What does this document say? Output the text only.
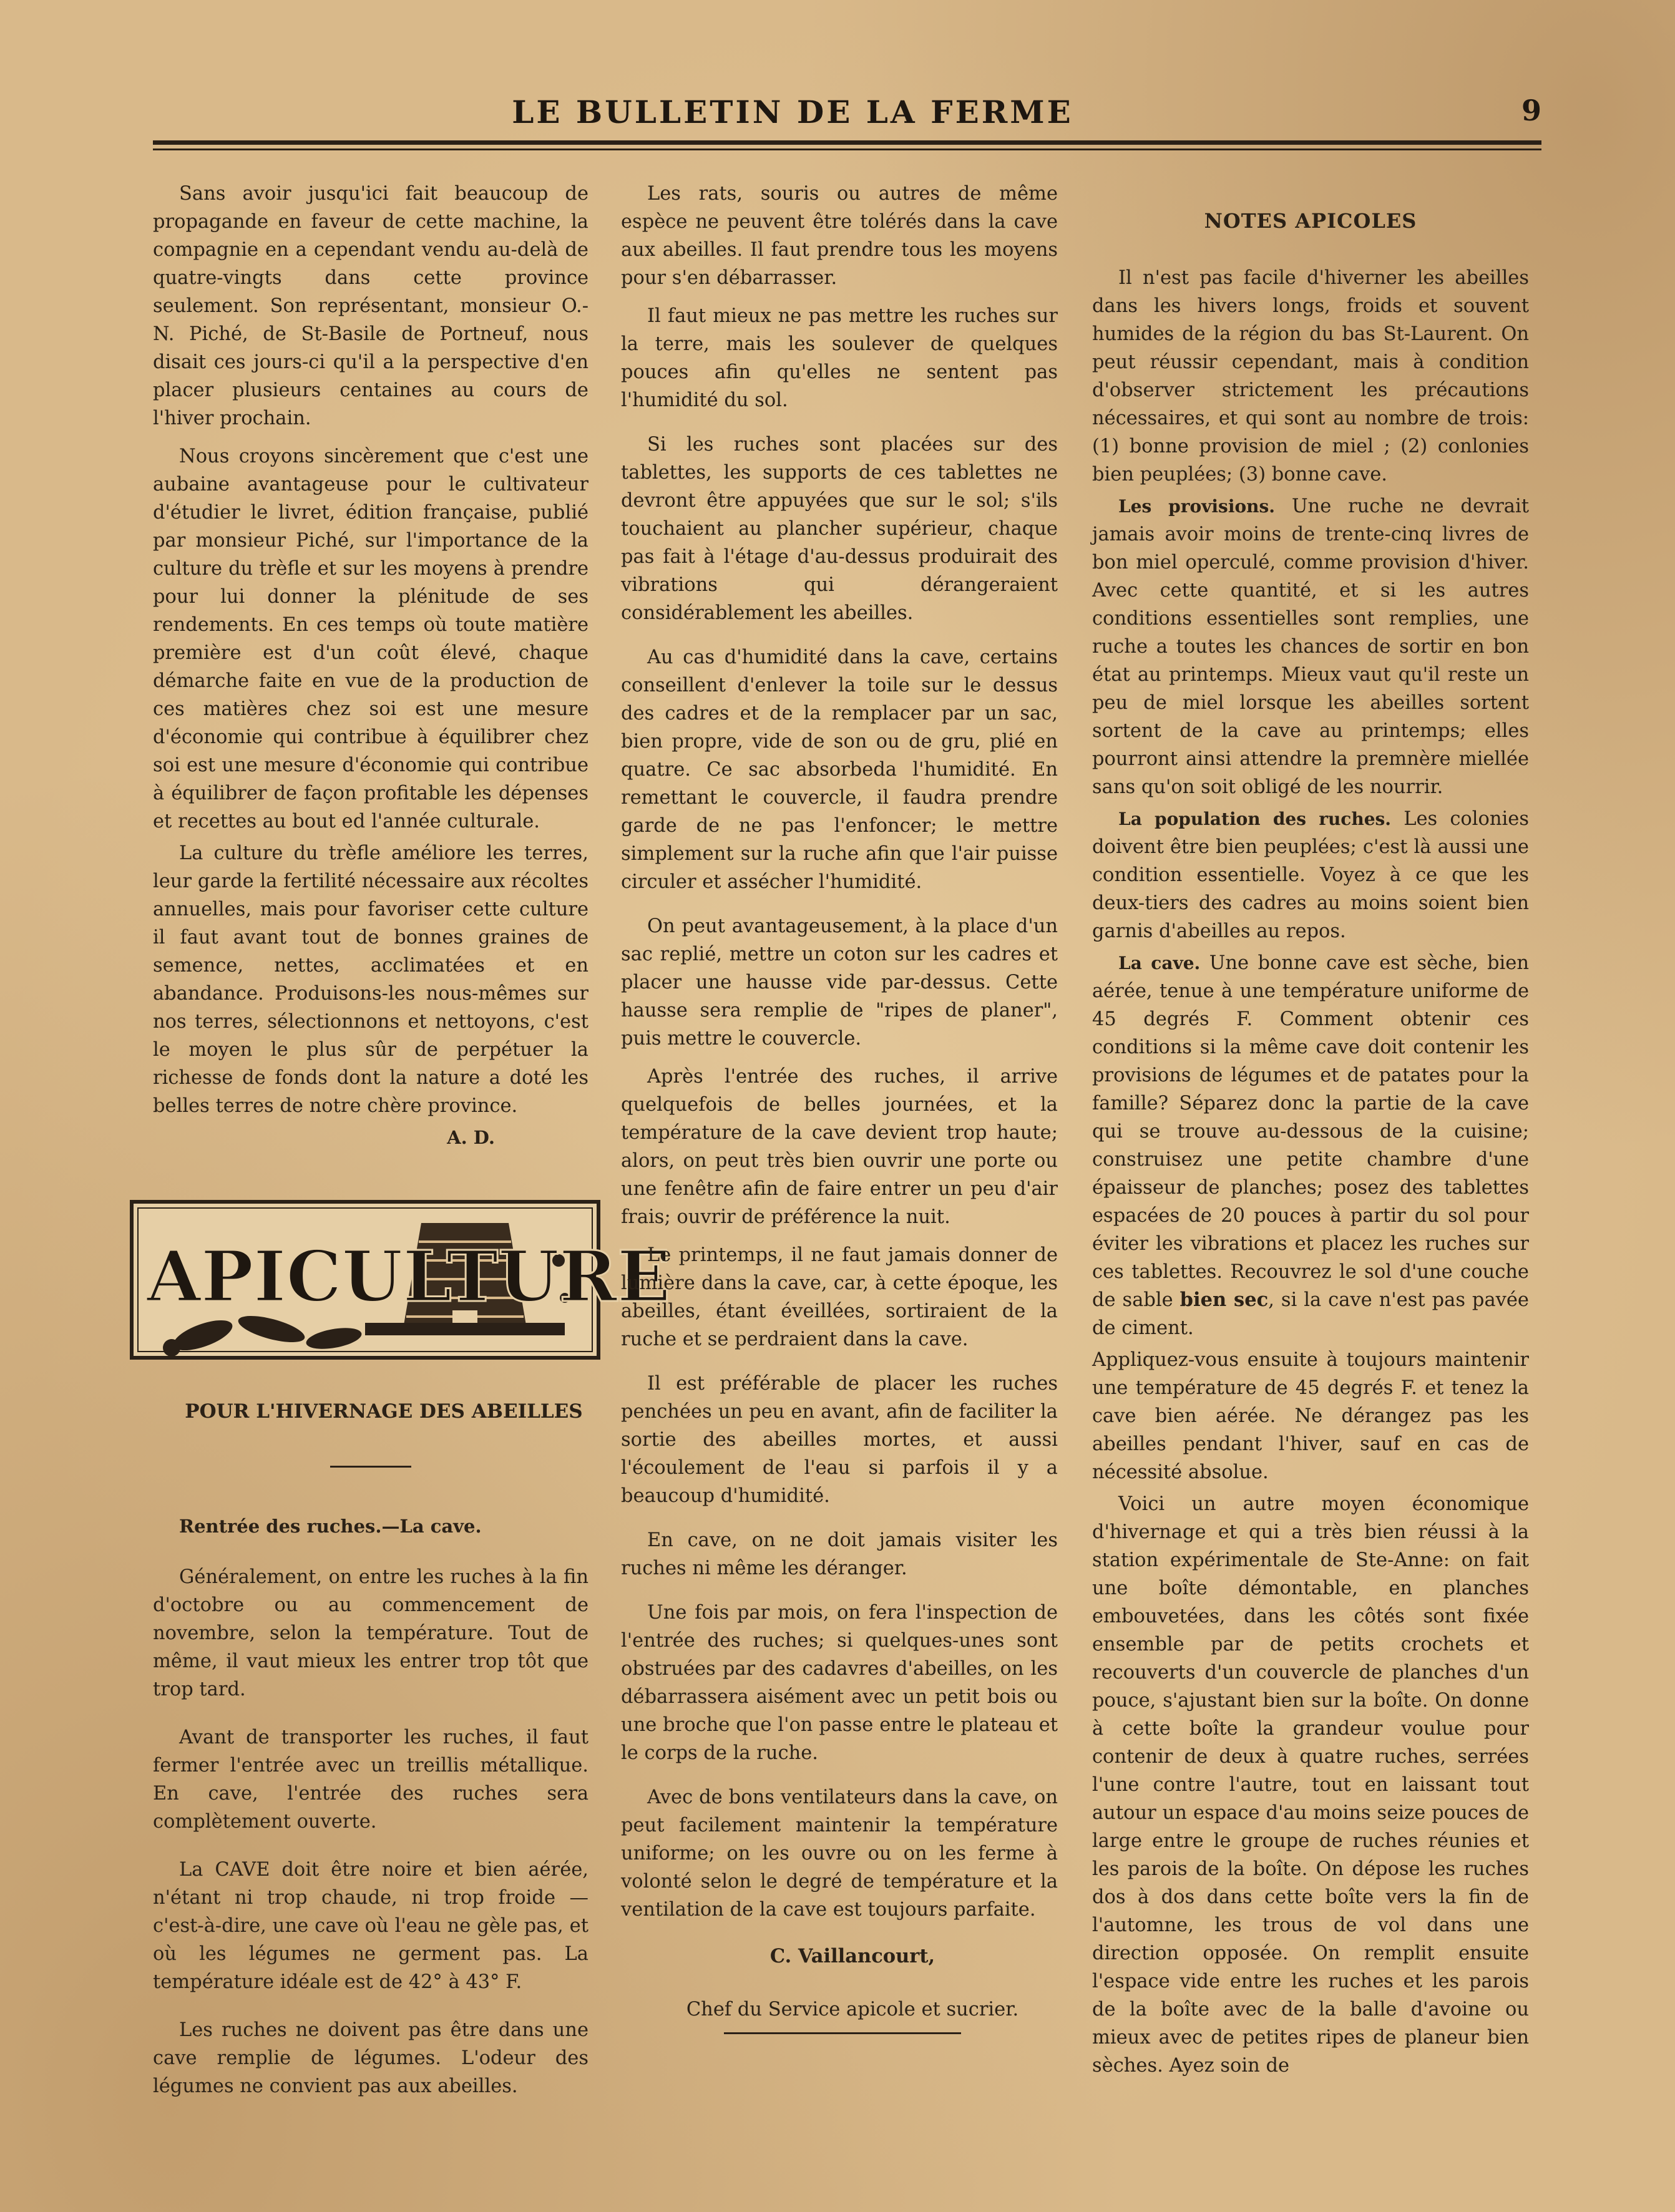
LE BULLETIN DE LA FERME	9

Sans avoir jusqu'ici fait beaucoup de propagande en faveur de cette machine, la compagnie en a cependant vendu au-delà de quatre-vingts dans cette province seulement. Son représentant, monsieur O.-N. Piché, de St-Basile de Portneuf, nous disait ces jours-ci qu'il a la perspective d'en placer plusieurs centaines au cours de l'hiver prochain.

Nous croyons sincèrement que c'est une aubaine avantageuse pour le cultivateur d'étudier le livret, édition française, publié par monsieur Piché, sur l'importance de la culture du trèfle et sur les moyens à prendre pour lui donner la plénitude de ses rendements. En ces temps où toute matière première est d'un coût élevé, chaque démarche faite en vue de la production de ces matières chez soi est une mesure d'économie qui contribue à équilibrer chez soi est une mesure d'économie qui contribue à équilibrer de façon profitable les dépenses et recettes au bout ed l'année culturale.

La culture du trèfle améliore les terres, leur garde la fertilité nécessaire aux récoltes annuelles, mais pour favoriser cette culture il faut avant tout de bonnes graines de semence, nettes, acclimatées et en abandance. Produisons-les nous-mêmes sur nos terres, sélectionnons et nettoyons, c'est le moyen le plus sûr de perpétuer la richesse de fonds dont la nature a doté les belles terres de notre chère province.

A. D.
APICULTURE

POUR L'HIVERNAGE DES ABEILLES

Rentrée des ruches.—La cave.

Généralement, on entre les ruches à la fin d'octobre ou au commencement de novembre, selon la température. Tout de même, il vaut mieux les entrer trop tôt que trop tard.

Avant de transporter les ruches, il faut fermer l'entrée avec un treillis métallique. En cave, l'entrée des ruches sera complètement ouverte.

La CAVE doit être noire et bien aérée, n'étant ni trop chaude, ni trop froide — c'est-à-dire, une cave où l'eau ne gèle pas, et où les légumes ne germent pas. La température idéale est de 42° à 43° F.

Les ruches ne doivent pas être dans une cave remplie de légumes. L'odeur des légumes ne convient pas aux abeilles.

Les rats, souris ou autres de même espèce ne peuvent être tolérés dans la cave aux abeilles. Il faut prendre tous les moyens pour s'en débarrasser.

Il faut mieux ne pas mettre les ruches sur la terre, mais les soulever de quelques pouces afin qu'elles ne sentent pas l'humidité du sol.

Si les ruches sont placées sur des tablettes, les supports de ces tablettes ne devront être appuyées que sur le sol; s'ils touchaient au plancher supérieur, chaque pas fait à l'étage d'au-dessus produirait des vibrations qui dérangeraient considérablement les abeilles.

Au cas d'humidité dans la cave, certains conseillent d'enlever la toile sur le dessus des cadres et de la remplacer par un sac, bien propre, vide de son ou de gru, plié en quatre. Ce sac absorbeda l'humidité. En remettant le couvercle, il faudra prendre garde de ne pas l'enfoncer; le mettre simplement sur la ruche afin que l'air puisse circuler et assécher l'humidité.

On peut avantageusement, à la place d'un sac replié, mettre un coton sur les cadres et placer une hausse vide par-dessus. Cette hausse sera remplie de "ripes de planer", puis mettre le couvercle.

Après l'entrée des ruches, il arrive quelquefois de belles journées, et la température de la cave devient trop haute; alors, on peut très bien ouvrir une porte ou une fenêtre afin de faire entrer un peu d'air frais; ouvrir de préférence la nuit.

Le printemps, il ne faut jamais donner de lumière dans la cave, car, à cette époque, les abeilles, étant éveillées, sortiraient de la ruche et se perdraient dans la cave.

Il est préférable de placer les ruches penchées un peu en avant, afin de faciliter la sortie des abeilles mortes, et aussi l'écoulement de l'eau si parfois il y a beaucoup d'humidité.

En cave, on ne doit jamais visiter les ruches ni même les déranger.

Une fois par mois, on fera l'inspection de l'entrée des ruches; si quelques-unes sont obstruées par des cadavres d'abeilles, on les débarrassera aisément avec un petit bois ou une broche que l'on passe entre le plateau et le corps de la ruche.

Avec de bons ventilateurs dans la cave, on peut facilement maintenir la température uniforme; on les ouvre ou on les ferme à volonté selon le degré de température et la ventilation de la cave est toujours parfaite.

C. Vaillancourt,

Chef du Service apicole et sucrier.

NOTES APICOLES

Il n'est pas facile d'hiverner les abeilles dans les hivers longs, froids et souvent humides de la région du bas St-Laurent. On peut réussir cependant, mais à condition d'observer strictement les précautions nécessaires, et qui sont au nombre de trois: (1) bonne provision de miel ; (2) conlonies bien peuplées; (3) bonne cave.

Les provisions. Une ruche ne devrait jamais avoir moins de trente-cinq livres de bon miel operculé, comme provision d'hiver. Avec cette quantité, et si les autres conditions essentielles sont remplies, une ruche a toutes les chances de sortir en bon état au printemps. Mieux vaut qu'il reste un peu de miel lorsque les abeilles sortent sortent de la cave au printemps; elles pourront ainsi attendre la premnère miellée sans qu'on soit obligé de les nourrir.

La population des ruches. Les colonies doivent être bien peuplées; c'est là aussi une condition essentielle. Voyez à ce que les deux-tiers des cadres au moins soient bien garnis d'abeilles au repos.

La cave. Une bonne cave est sèche, bien aérée, tenue à une température uniforme de 45 degrés F. Comment obtenir ces conditions si la même cave doit contenir les provisions de légumes et de patates pour la famille? Séparez donc la partie de la cave qui se trouve au-dessous de la cuisine; construisez une petite chambre d'une épaisseur de planches; posez des tablettes espacées de 20 pouces à partir du sol pour éviter les vibrations et placez les ruches sur ces tablettes. Recouvrez le sol d'une couche de sable bien sec, si la cave n'est pas pavée de ciment.

Appliquez-vous ensuite à toujours maintenir une température de 45 degrés F. et tenez la cave bien aérée. Ne dérangez pas les abeilles pendant l'hiver, sauf en cas de nécessité absolue.

Voici un autre moyen économique d'hivernage et qui a très bien réussi à la station expérimentale de Ste-Anne: on fait une boîte démontable, en planches embouvetées, dans les côtés sont fixée ensemble par de petits crochets et recouverts d'un couvercle de planches d'un pouce, s'ajustant bien sur la boîte. On donne à cette boîte la grandeur voulue pour contenir de deux à quatre ruches, serrées l'une contre l'autre, tout en laissant tout autour un espace d'au moins seize pouces de large entre le groupe de ruches réunies et les parois de la boîte. On dépose les ruches dos à dos dans cette boîte vers la fin de l'automne, les trous de vol dans une direction opposée. On remplit ensuite l'espace vide entre les ruches et les parois de la boîte avec de la balle d'avoine ou mieux avec de petites ripes de planeur bien sèches. Ayez soin de
